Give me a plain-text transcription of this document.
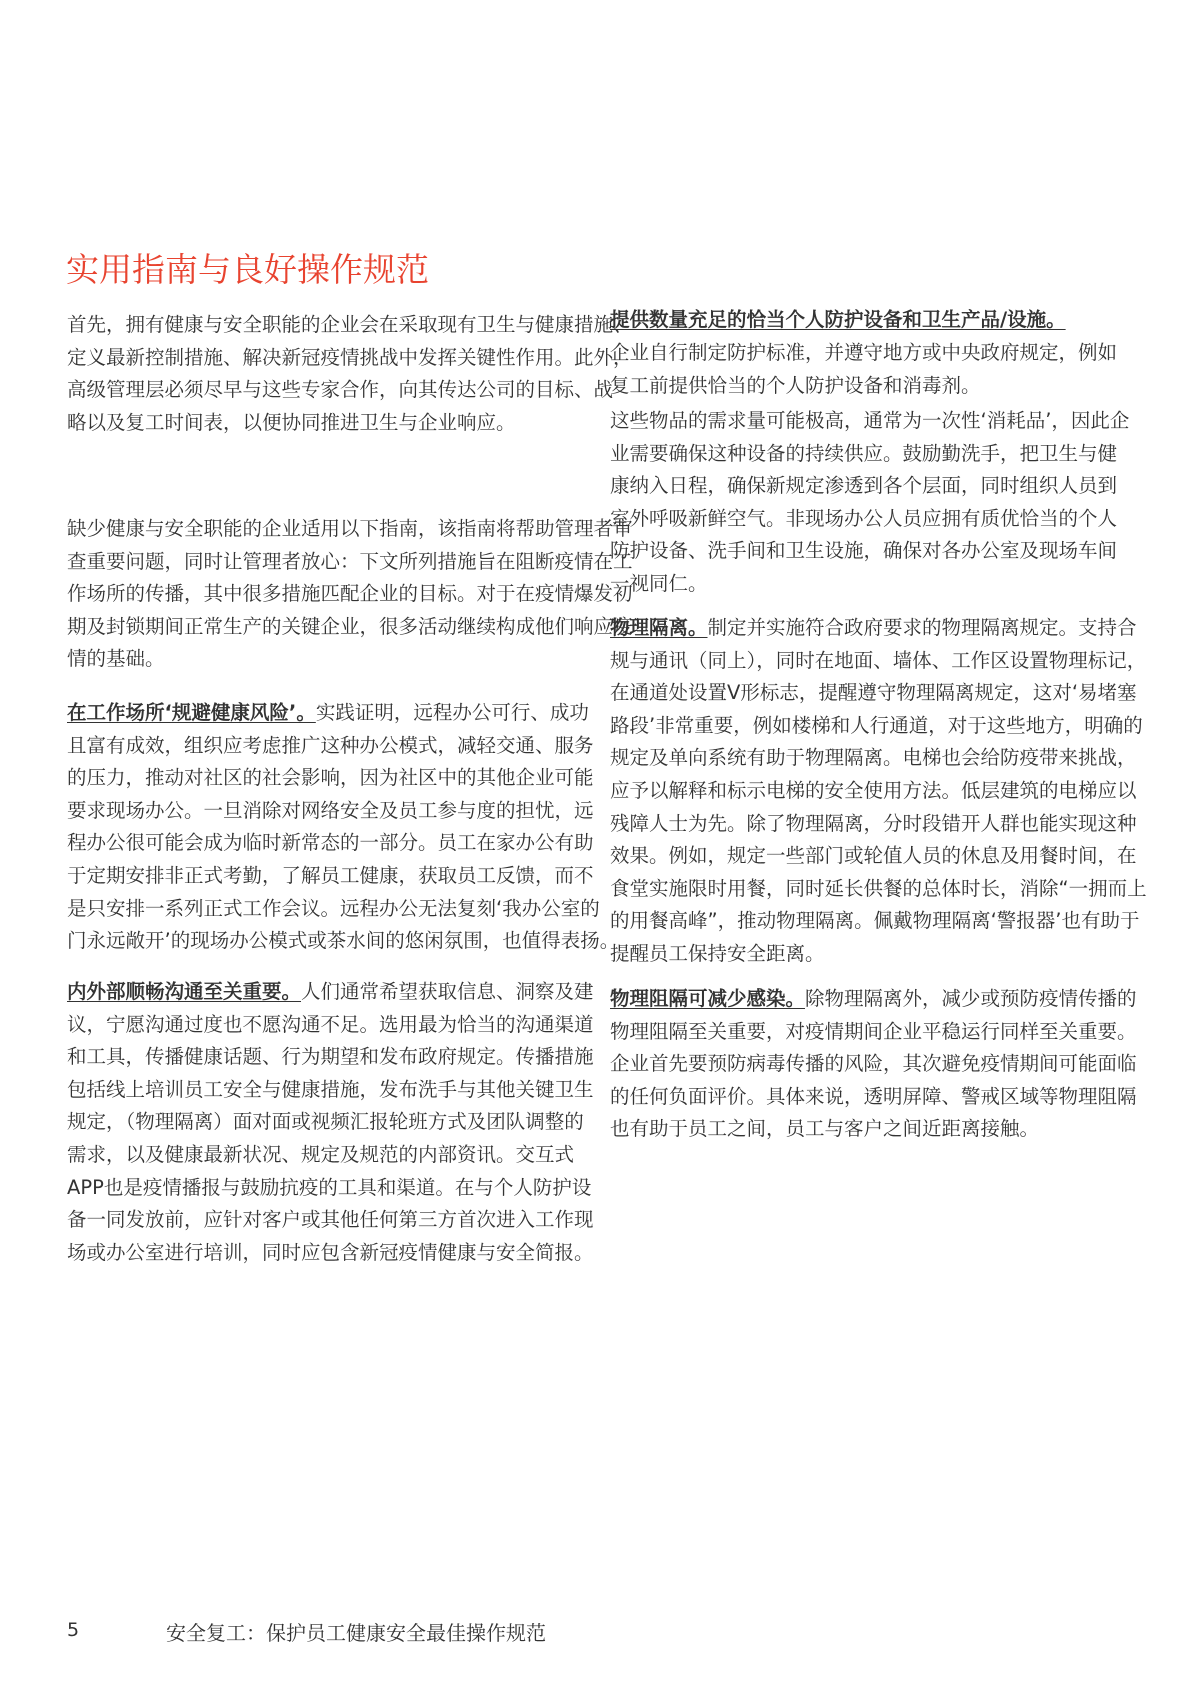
实用指南与良好操作规范
首先，拥有健康与安全职能的企业会在采取现有卫生与健康措施、
定义最新控制措施、解决新冠疫情挑战中发挥关键性作用。此外，
高级管理层必须尽早与这些专家合作，向其传达公司的目标、战
略以及复工时间表，以便协同推进卫生与企业响应。
缺少健康与安全职能的企业适用以下指南，该指南将帮助管理者审
查重要问题，同时让管理者放心：下文所列措施旨在阻断疫情在工
作场所的传播，其中很多措施匹配企业的目标。对于在疫情爆发初
期及封锁期间正常生产的关键企业，很多活动继续构成他们响应疫
情的基础。
在工作场所‘规避健康风险’。实践证明，远程办公可行、成功
且富有成效，组织应考虑推广这种办公模式，减轻交通、服务
的压力，推动对社区的社会影响，因为社区中的其他企业可能
要求现场办公。一旦消除对网络安全及员工参与度的担忧，远
程办公很可能会成为临时新常态的一部分。员工在家办公有助
于定期安排非正式考勤，了解员工健康，获取员工反馈，而不
是只安排一系列正式工作会议。远程办公无法复刻‘我办公室的
门永远敞开’的现场办公模式或茶水间的悠闲氛围，也值得表扬。
内外部顺畅沟通至关重要。人们通常希望获取信息、洞察及建
议，宁愿沟通过度也不愿沟通不足。选用最为恰当的沟通渠道
和工具，传播健康话题、行为期望和发布政府规定。传播措施
包括线上培训员工安全与健康措施，发布洗手与其他关键卫生
规定，（物理隔离）面对面或视频汇报轮班方式及团队调整的
需求，以及健康最新状况、规定及规范的内部资讯。交互式
APP也是疫情播报与鼓励抗疫的工具和渠道。在与个人防护设
备一同发放前，应针对客户或其他任何第三方首次进入工作现
场或办公室进行培训，同时应包含新冠疫情健康与安全简报。
提供数量充足的恰当个人防护设备和卫生产品/设施。
企业自行制定防护标准，并遵守地方或中央政府规定，例如
复工前提供恰当的个人防护设备和消毒剂。
这些物品的需求量可能极高，通常为一次性‘消耗品’，因此企
业需要确保这种设备的持续供应。鼓励勤洗手，把卫生与健
康纳入日程，确保新规定渗透到各个层面，同时组织人员到
室外呼吸新鲜空气。非现场办公人员应拥有质优恰当的个人
防护设备、洗手间和卫生设施，确保对各办公室及现场车间
一视同仁。
物理隔离。制定并实施符合政府要求的物理隔离规定。支持合
规与通讯（同上），同时在地面、墙体、工作区设置物理标记，
在通道处设置V形标志，提醒遵守物理隔离规定，这对‘易堵塞
路段’非常重要，例如楼梯和人行通道，对于这些地方，明确的
规定及单向系统有助于物理隔离。电梯也会给防疫带来挑战，
应予以解释和标示电梯的安全使用方法。低层建筑的电梯应以
残障人士为先。除了物理隔离，分时段错开人群也能实现这种
效果。例如，规定一些部门或轮值人员的休息及用餐时间，在
食堂实施限时用餐，同时延长供餐的总体时长，消除“一拥而上
的用餐高峰”，推动物理隔离。佩戴物理隔离‘警报器’也有助于
提醒员工保持安全距离。
物理阻隔可减少感染。除物理隔离外，减少或预防疫情传播的
物理阻隔至关重要，对疫情期间企业平稳运行同样至关重要。
企业首先要预防病毒传播的风险，其次避免疫情期间可能面临
的任何负面评价。具体来说，透明屏障、警戒区域等物理阻隔
也有助于员工之间，员工与客户之间近距离接触。
5	安全复工：保护员工健康安全最佳操作规范
